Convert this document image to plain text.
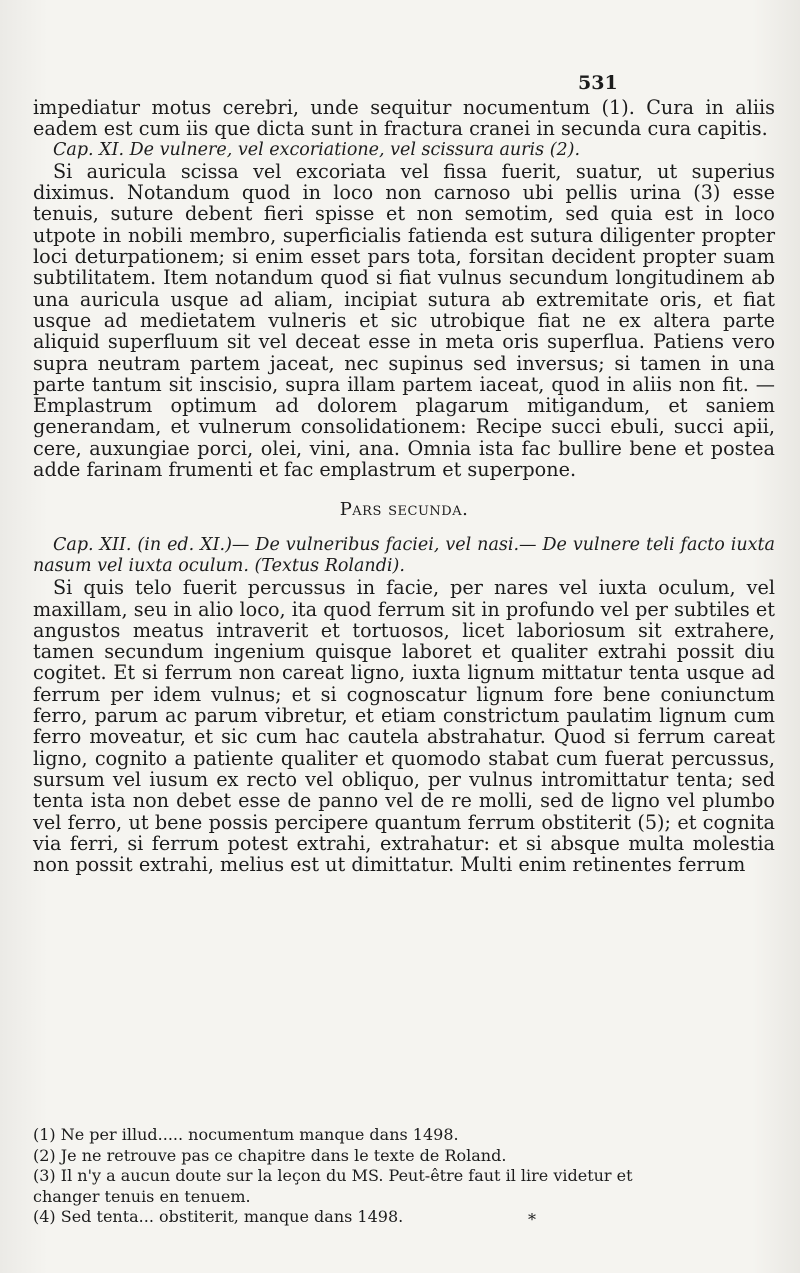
531

impediatur motus cerebri, unde sequitur nocumentum (1). Cura in aliis eadem est cum iis que dicta sunt in fractura cranei in secunda cura capitis.

Cap. XI. De vulnere, vel excoriatione, vel scissura auris (2).

Si auricula scissa vel excoriata vel fissa fuerit, suatur, ut superius diximus. Notandum quod in loco non carnoso ubi pellis urina (3) esse tenuis, suture debent fieri spisse et non semotim, sed quia est in loco utpote in nobili membro, superficialis fatienda est sutura diligenter propter loci deturpationem; si enim esset pars tota, forsitan decident propter suam subtilitatem. Item notandum quod si fiat vulnus secundum longitudinem ab una auricula usque ad aliam, incipiat sutura ab extremitate oris, et fiat usque ad medietatem vulneris et sic utrobique fiat ne ex altera parte aliquid superfluum sit vel deceat esse in meta oris superflua. Patiens vero supra neutram partem jaceat, nec supinus sed inversus; si tamen in una parte tantum sit inscisio, supra illam partem iaceat, quod in aliis non fit. — Emplastrum optimum ad dolorem plagarum mitigandum, et saniem generandam, et vulnerum consolidationem: Recipe succi ebuli, succi apii, cere, auxungiae porci, olei, vini, ana. Omnia ista fac bullire bene et postea adde farinam frumenti et fac emplastrum et superpone.

Pars secunda.

Cap. XII. (in ed. XI.)— De vulneribus faciei, vel nasi.— De vulnere teli facto iuxta nasum vel iuxta oculum. (Textus Rolandi).

Si quis telo fuerit percussus in facie, per nares vel iuxta oculum, vel maxillam, seu in alio loco, ita quod ferrum sit in profundo vel per subtiles et angustos meatus intraverit et tortuosos, licet laboriosum sit extrahere, tamen secundum ingenium quisque laboret et qualiter extrahi possit diu cogitet. Et si ferrum non careat ligno, iuxta lignum mittatur tenta usque ad ferrum per idem vulnus; et si cognoscatur lignum fore bene coniunctum ferro, parum ac parum vibretur, et etiam constrictum paulatim lignum cum ferro moveatur, et sic cum hac cautela abstrahatur. Quod si ferrum careat ligno, cognito a patiente qualiter et quomodo stabat cum fuerat percussus, sursum vel iusum ex recto vel obliquo, per vulnus intromittatur tenta; sed tenta ista non debet esse de panno vel de re molli, sed de ligno vel plumbo vel ferro, ut bene possis percipere quantum ferrum obstiterit (5); et cognita via ferri, si ferrum potest extrahi, extrahatur: et si absque multa molestia non possit extrahi, melius est ut dimittatur. Multi enim retinentes ferrum

(1) Ne per illud..... nocumentum manque dans 1498.

(2) Je ne retrouve pas ce chapitre dans le texte de Roland.

(3) Il n'y a aucun doute sur la leçon du MS. Peut-être faut il lire videtur et changer tenuis en tenuem.

(4) Sed tenta... obstiterit, manque dans 1498.	*
